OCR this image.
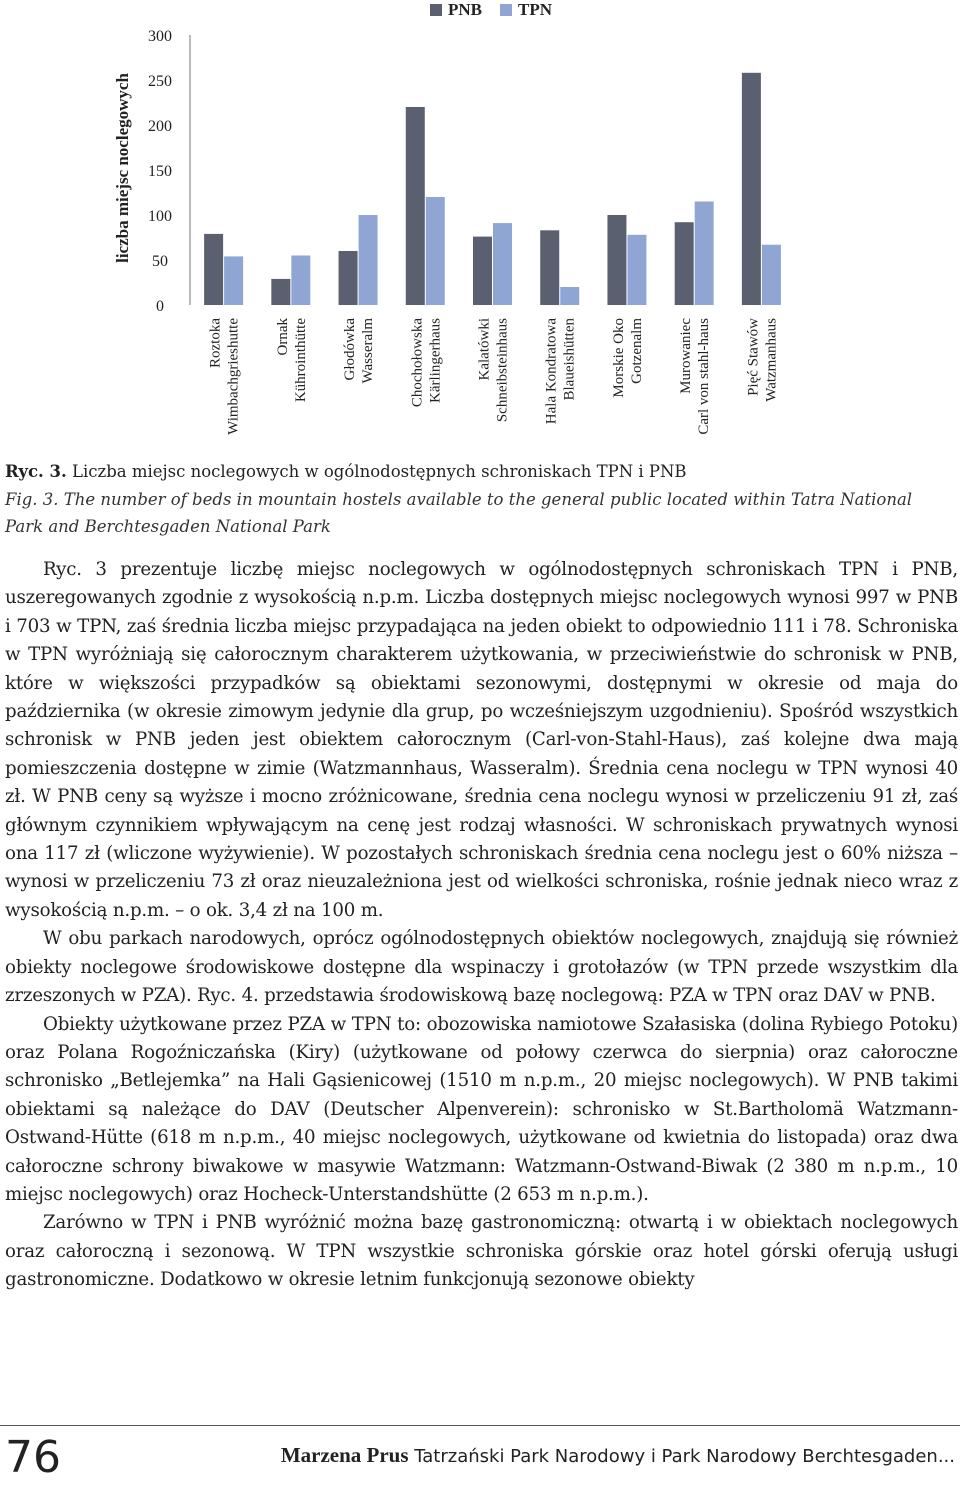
0
50
100
150
200
250
300
Roztoka Wimbachgrieshutte Ornak Kührointhütte Głodówka Wasseralm Chochołowska Kärlingerhaus Kalatówki Schneibsteinhaus Hala Kondratowa Blaueishütten Morskie Oko Gotzenalm Murowaniec Carl von stahl-haus Pięć Stawów Watzmanhaus
liczba miejsc noclegowych
PNB TPN
Ryc. 3. Liczba miejsc noclegowych w ogólnodostępnych schroniskach TPN i PNB
Fig. 3. The number of beds in mountain hostels available to the general public located within Tatra National Park and Berchtesgaden National Park

Ryc. 3 prezentuje liczbę miejsc noclegowych w ogólnodostępnych schroniskach TPN i PNB, uszeregowanych zgodnie z wysokością n.p.m. Liczba dostępnych miejsc noclegowych wynosi 997 w PNB i 703 w TPN, zaś średnia liczba miejsc przypadająca na jeden obiekt to odpowiednio 111 i 78. Schroniska w TPN wyróżniają się całorocznym charakterem użytkowania, w przeciwieństwie do schronisk w PNB, które w większości przypadków są obiektami sezonowymi, dostępnymi w okresie od maja do października (w okresie zimowym jedynie dla grup, po wcześniejszym uzgodnieniu). Spośród wszystkich schronisk w PNB jeden jest obiektem całorocznym (Carl-von-Stahl-Haus), zaś kolejne dwa mają pomieszczenia dostępne w zimie (Watzmannhaus, Wasseralm). Średnia cena noclegu w TPN wynosi 40 zł. W PNB ceny są wyższe i mocno zróżnicowane, średnia cena noclegu wynosi w przeliczeniu 91 zł, zaś głównym czynnikiem wpływającym na cenę jest rodzaj własności. W schroniskach prywatnych wynosi ona 117 zł (wliczone wyżywienie). W pozostałych schroniskach średnia cena noclegu jest o 60% niższa – wynosi w przeliczeniu 73 zł oraz nieuzależniona jest od wielkości schroniska, rośnie jednak nieco wraz z wysokością n.p.m. – o ok. 3,4 zł na 100 m.

W obu parkach narodowych, oprócz ogólnodostępnych obiektów noclegowych, znajdują się również obiekty noclegowe środowiskowe dostępne dla wspinaczy i grotołazów (w TPN przede wszystkim dla zrzeszonych w PZA). Ryc. 4. przedstawia środowiskową bazę noclegową: PZA w TPN oraz DAV w PNB.

Obiekty użytkowane przez PZA w TPN to: obozowiska namiotowe Szałasiska (dolina Rybiego Potoku) oraz Polana Rogoźniczańska (Kiry) (użytkowane od połowy czerwca do sierpnia) oraz całoroczne schronisko „Betlejemka” na Hali Gąsienicowej (1510 m n.p.m., 20 miejsc noclegowych). W PNB takimi obiektami są należące do DAV (Deutscher Alpenverein): schronisko w St.Bartholomä Watzmann-Ostwand-Hütte (618 m n.p.m., 40 miejsc noclegowych, użytkowane od kwietnia do listopada) oraz dwa całoroczne schrony biwakowe w masywie Watzmann: Watzmann-Ostwand-Biwak (2 380 m n.p.m., 10 miejsc noclegowych) oraz Hocheck-Unterstandshütte (2 653 m n.p.m.).

Zarówno w TPN i PNB wyróżnić można bazę gastronomiczną: otwartą i w obiektach noclegowych oraz całoroczną i sezonową. W TPN wszystkie schroniska górskie oraz hotel górski oferują usługi gastronomiczne. Dodatkowo w okresie letnim funkcjonują sezonowe obiekty

76	Marzena Prus Tatrzański Park Narodowy i Park Narodowy Berchtesgaden...
